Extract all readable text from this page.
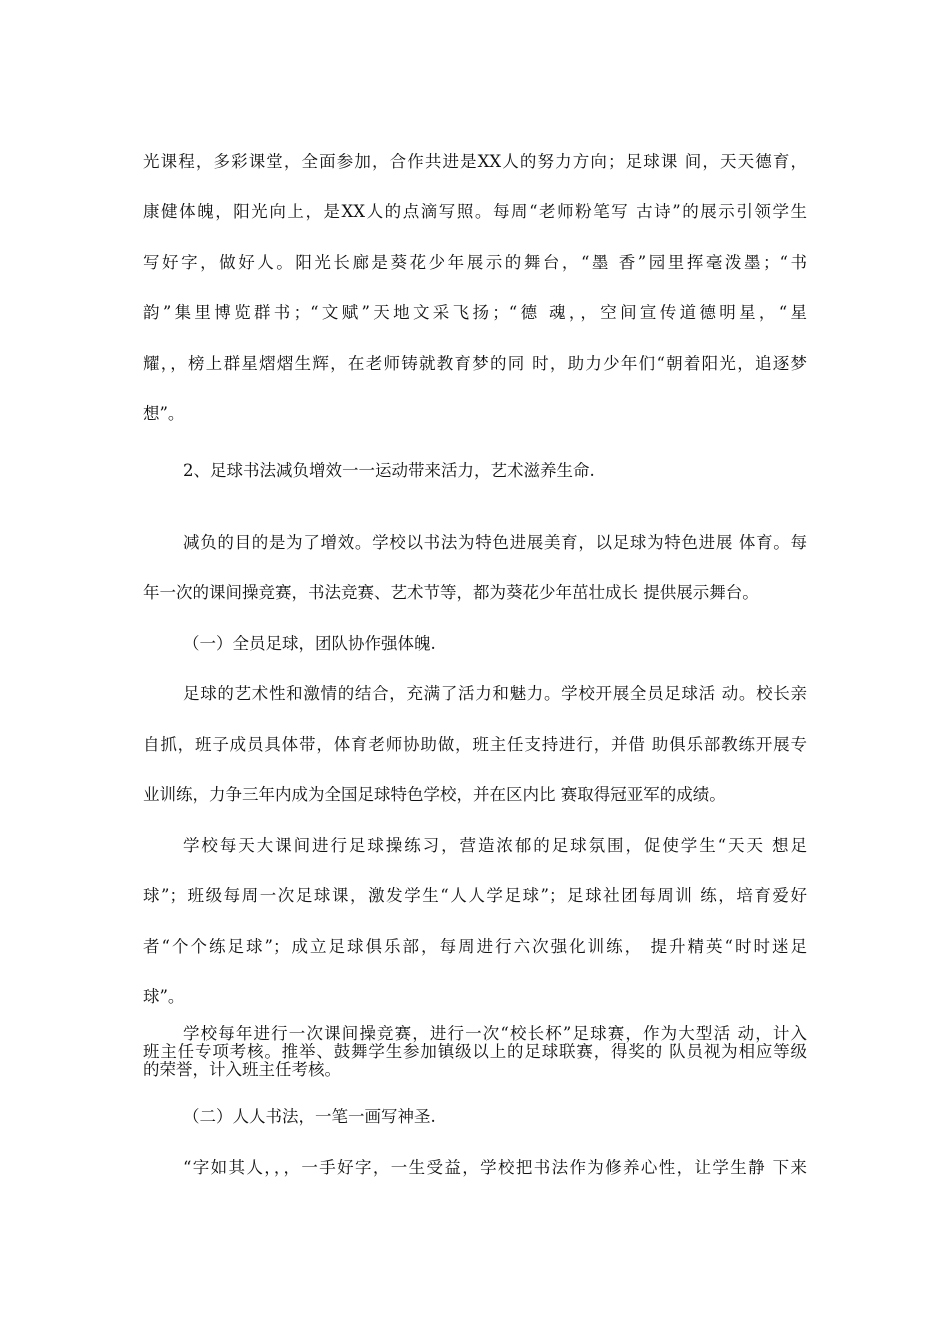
光课程，多彩课堂，全面参加，合作共进是XX人的努力方向；足球课 间，天天德育，
康健体魄，阳光向上，是XX人的点滴写照。每周“老师粉笔写 古诗”的展示引领学生
写好字，做好人。阳光长廊是葵花少年展示的舞台，“墨 香”园里挥毫泼墨；“书
韵”集里博览群书；“文赋”天地文采飞扬；“德 魂，，空间宣传道德明星，“星
耀，，榜上群星熠熠生辉，在老师铸就教育梦的同 时，助力少年们“朝着阳光，追逐梦
想”。
2、足球书法减负增效一一运动带来活力，艺术滋养生命.
减负的目的是为了增效。学校以书法为特色进展美育，以足球为特色进展 体育。每
年一次的课间操竞赛，书法竞赛、艺术节等，都为葵花少年茁壮成长 提供展示舞台。
（一）全员足球，团队协作强体魄.
足球的艺术性和激情的结合，充满了活力和魅力。学校开展全员足球活 动。校长亲
自抓，班子成员具体带，体育老师协助做，班主任支持进行，并借 助俱乐部教练开展专
业训练，力争三年内成为全国足球特色学校，并在区内比 赛取得冠亚军的成绩。
学校每天大课间进行足球操练习，营造浓郁的足球氛围，促使学生“天天 想足
球”；班级每周一次足球课，激发学生“人人学足球”；足球社团每周训 练，培育爱好
者“个个练足球”；成立足球俱乐部，每周进行六次强化训练， 提升精英“时时迷足
球”。
学校每年进行一次课间操竞赛，进行一次“校长杯”足球赛，作为大型活 动，计入
班主任专项考核。推举、鼓舞学生参加镇级以上的足球联赛，得奖的 队员视为相应等级
的荣誉，计入班主任考核。
（二）人人书法，一笔一画写神圣.
“字如其人，，，一手好字，一生受益，学校把书法作为修养心性，让学生静 下来
